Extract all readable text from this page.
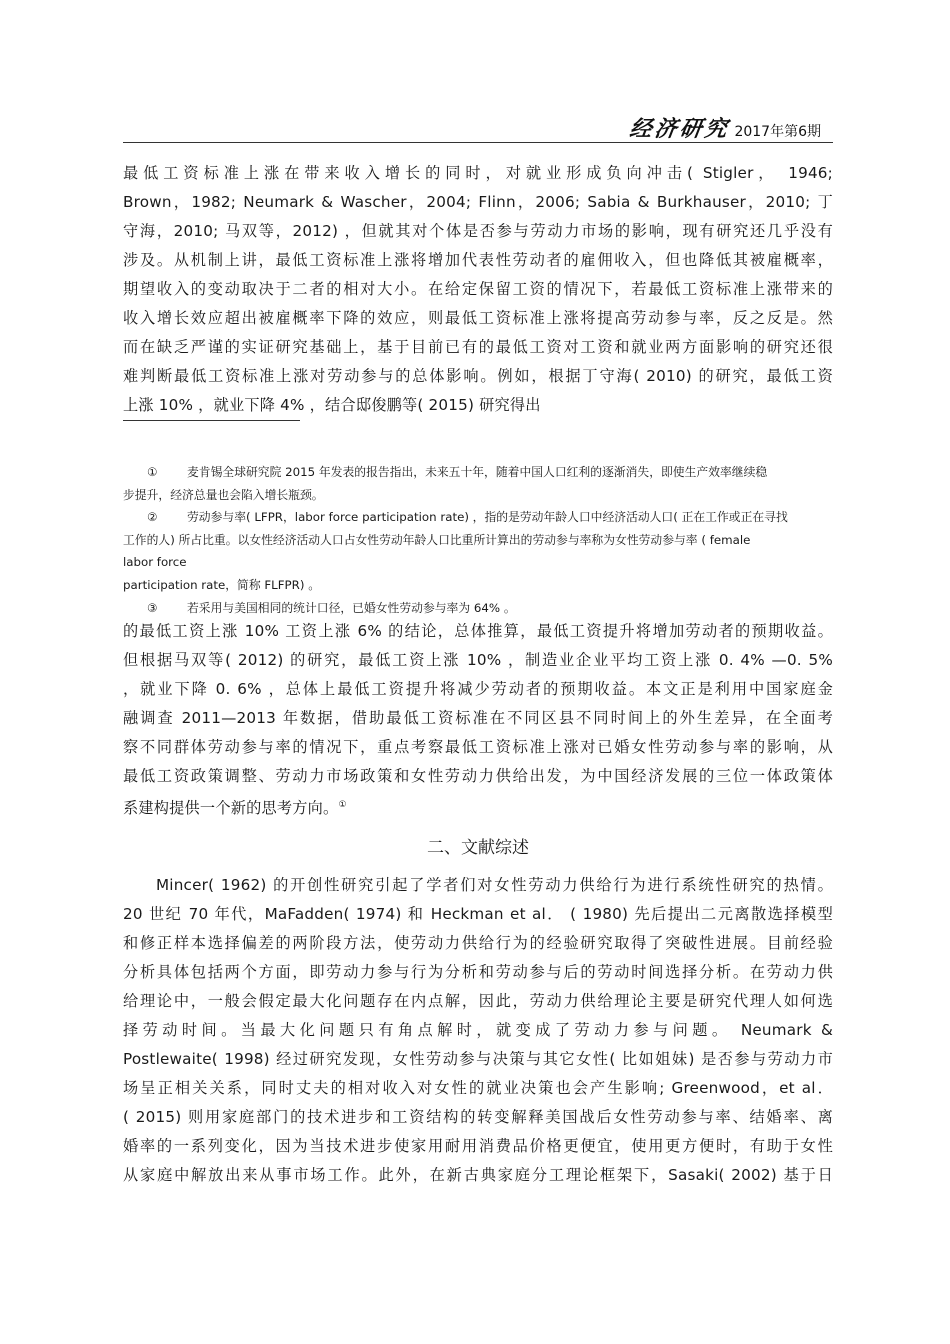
经济研究 2017年第6期
最低工资标准上涨在带来收入增长的同时，对就业形成负向冲击( Stigler， 1946;
Brown，1982; Neumark & Wascher，2004; Flinn，2006; Sabia & Burkhauser，2010; 丁
守海，2010; 马双等，2012) ，但就其对个体是否参与劳动力市场的影响，现有研究还几乎没有
涉及。从机制上讲，最低工资标准上涨将增加代表性劳动者的雇佣收入，但也降低其被雇概率，
期望收入的变动取决于二者的相对大小。在给定保留工资的情况下，若最低工资标准上涨带来的
收入增长效应超出被雇概率下降的效应，则最低工资标准上涨将提高劳动参与率，反之反是。然
而在缺乏严谨的实证研究基础上，基于目前已有的最低工资对工资和就业两方面影响的研究还很
难判断最低工资标准上涨对劳动参与的总体影响。例如，根据丁守海( 2010) 的研究，最低工资
上涨 10% ，就业下降 4% ，结合邸俊鹏等( 2015) 研究得出
① 麦肯锡全球研究院 2015 年发表的报告指出，未来五十年，随着中国人口红利的逐渐消失，即使生产效率继续稳
步提升，经济总量也会陷入增长瓶颈。
② 劳动参与率( LFPR，labor force participation rate) ，指的是劳动年龄人口中经济活动人口( 正在工作或正在寻找
工作的人) 所占比重。以女性经济活动人口占女性劳动年龄人口比重所计算出的劳动参与率称为女性劳动参与率 ( female
labor force
participation rate，简称 FLFPR) 。
③ 若采用与美国相同的统计口径，已婚女性劳动参与率为 64% 。
的最低工资上涨 10% 工资上涨 6% 的结论，总体推算，最低工资提升将增加劳动者的预期收益。
但根据马双等( 2012) 的研究，最低工资上涨 10% ，制造业企业平均工资上涨 0. 4% —0. 5%
，就业下降 0. 6% ，总体上最低工资提升将减少劳动者的预期收益。本文正是利用中国家庭金
融调查 2011—2013 年数据，借助最低工资标准在不同区县不同时间上的外生差异，在全面考
察不同群体劳动参与率的情况下，重点考察最低工资标准上涨对已婚女性劳动参与率的影响，从
最低工资政策调整、劳动力市场政策和女性劳动力供给出发，为中国经济发展的三位一体政策体
系建构提供一个新的思考方向。①
二、文献综述
Mincer( 1962) 的开创性研究引起了学者们对女性劳动力供给行为进行系统性研究的热情。
20 世纪 70 年代，MaFadden( 1974) 和 Heckman et al． ( 1980) 先后提出二元离散选择模型
和修正样本选择偏差的两阶段方法，使劳动力供给行为的经验研究取得了突破性进展。目前经验
分析具体包括两个方面，即劳动力参与行为分析和劳动参与后的劳动时间选择分析。在劳动力供
给理论中，一般会假定最大化问题存在内点解，因此，劳动力供给理论主要是研究代理人如何选
择劳动时间。当最大化问题只有角点解时，就变成了劳动力参与问题。 Neumark &
Postlewaite( 1998) 经过研究发现，女性劳动参与决策与其它女性( 比如姐妹) 是否参与劳动力市
场呈正相关关系，同时丈夫的相对收入对女性的就业决策也会产生影响; Greenwood，et al．
( 2015) 则用家庭部门的技术进步和工资结构的转变解释美国战后女性劳动参与率、结婚率、离
婚率的一系列变化，因为当技术进步使家用耐用消费品价格更便宜，使用更方便时，有助于女性
从家庭中解放出来从事市场工作。此外，在新古典家庭分工理论框架下，Sasaki( 2002) 基于日
